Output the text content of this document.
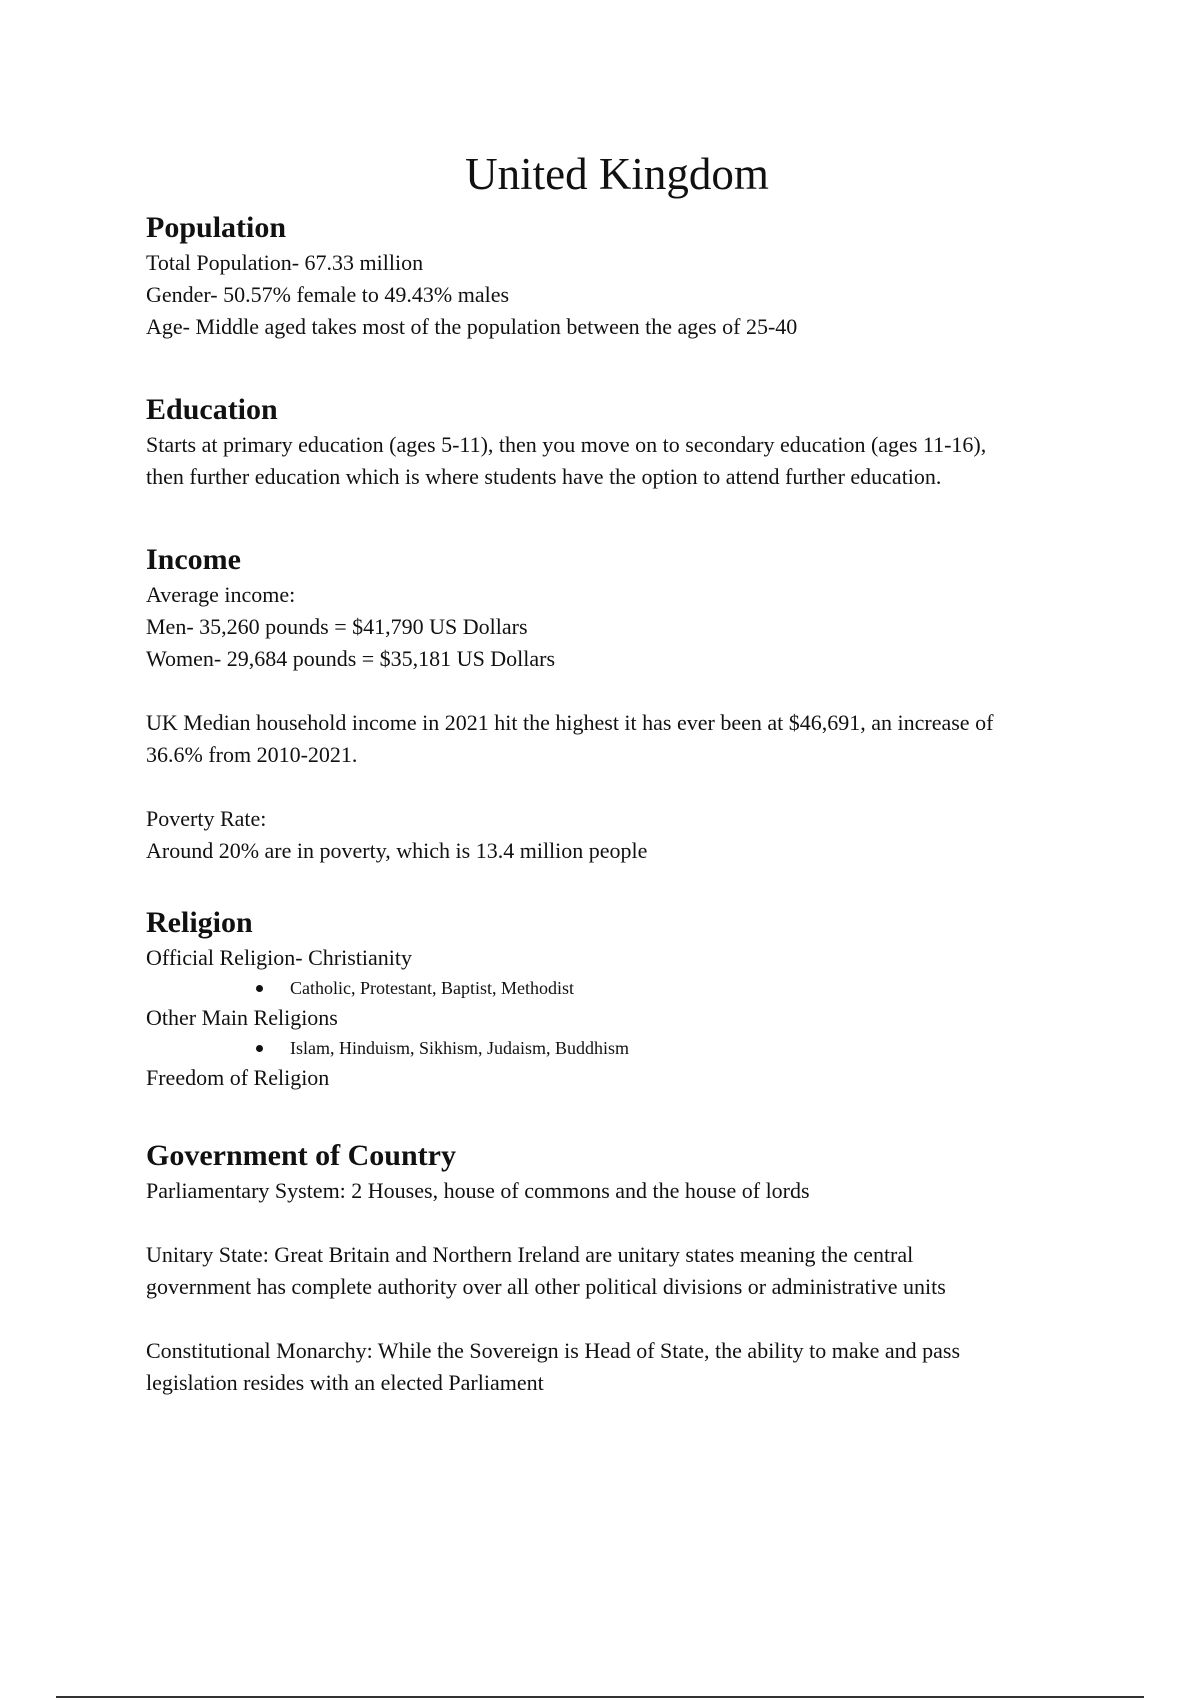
United Kingdom
Population

Total Population- 67.33 million

Gender- 50.57% female to 49.43% males

Age- Middle aged takes most of the population between the ages of 25-40

Education

Starts at primary education (ages 5-11), then you move on to secondary education (ages 11-16),

then further education which is where students have the option to attend further education.

Income

Average income:

Men- 35,260 pounds = $41,790 US Dollars

Women- 29,684 pounds = $35,181 US Dollars

UK Median household income in 2021 hit the highest it has ever been at $46,691, an increase of

36.6% from 2010-2021.

Poverty Rate:

Around 20% are in poverty, which is 13.4 million people

Religion

Official Religion- Christianity

Catholic, Protestant, Baptist, Methodist

Other Main Religions

Islam, Hinduism, Sikhism, Judaism, Buddhism

Freedom of Religion

Government of Country

Parliamentary System: 2 Houses, house of commons and the house of lords

Unitary State: Great Britain and Northern Ireland are unitary states meaning the central

government has complete authority over all other political divisions or administrative units

Constitutional Monarchy: While the Sovereign is Head of State, the ability to make and pass

legislation resides with an elected Parliament
